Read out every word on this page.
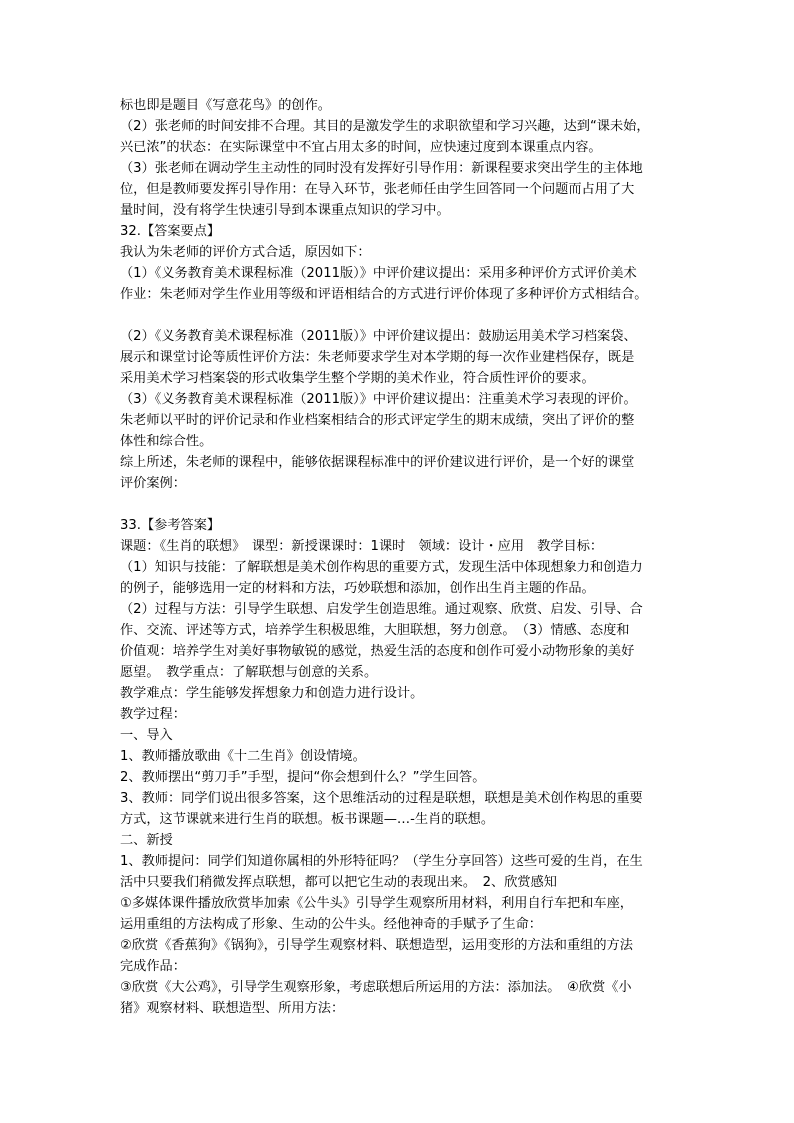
标也即是题目《写意花鸟》的创作。
（2）张老师的时间安排不合理。其目的是激发学生的求职欲望和学习兴趣，达到“课未始，
兴已浓”的状态：在实际课堂中不宜占用太多的时间，应快速过度到本课重点内容。
（3）张老师在调动学生主动性的同时没有发挥好引导作用：新课程要求突出学生的主体地
位，但是教师要发挥引导作用：在导入环节，张老师任由学生回答同一个问题而占用了大
量时间，没有将学生快速引导到本课重点知识的学习中。
32.【答案要点】
我认为朱老师的评价方式合适，原因如下：
（1）《义务教育美术课程标准（2011版）》中评价建议提出：采用多种评价方式评价美术
作业：朱老师对学生作业用等级和评语相结合的方式进行评价体现了多种评价方式相结合。
（2）《义务教育美术课程标准（2011版）》中评价建议提出：鼓励运用美术学习档案袋、
展示和课堂讨论等质性评价方法：朱老师要求学生对本学期的每一次作业建档保存，既是
采用美术学习档案袋的形式收集学生整个学期的美术作业，符合质性评价的要求。
（3）《义务教育美术课程标准（2011版）》中评价建议提出：注重美术学习表现的评价。
朱老师以平时的评价记录和作业档案相结合的形式评定学生的期末成绩，突出了评价的整
体性和综合性。
综上所述，朱老师的课程中，能够依据课程标准中的评价建议进行评价，是一个好的课堂
评价案例：
33.【参考答案】
课题：《生肖的联想》　课型：新授课课时：1课时　领域：设计・应用　教学目标：
（1）知识与技能：了解联想是美术创作构思的重要方式，发现生活中体现想象力和创造力
的例子，能够选用一定的材料和方法，巧妙联想和添加，创作出生肖主题的作品。
（2）过程与方法：引导学生联想、启发学生创造思维。通过观察、欣赏、启发、引导、合
作、交流、评述等方式，培养学生积极思维，大胆联想，努力创意。　（3）情感、态度和
价值观：培养学生对美好事物敏锐的感觉，热爱生活的态度和创作可爱小动物形象的美好
愿望。　教学重点：了解联想与创意的关系。
教学难点：学生能够发挥想象力和创造力进行设计。
教学过程：
一、导入
1、教师播放歌曲《十二生肖》创设情境。
2、教师摆出“剪刀手”手型，提问“你会想到什么？”学生回答。
3、教师：同学们说出很多答案，这个思维活动的过程是联想，联想是美术创作构思的重要
方式，这节课就来进行生肖的联想。板书课题—…-生肖的联想。
二、新授
1、教师提问：同学们知道你属相的外形特征吗？（学生分享回答）这些可爱的生肖，在生
活中只要我们稍微发挥点联想，都可以把它生动的表现出来。　2、欣赏感知
①多媒体课件播放欣赏毕加索《公牛头》引导学生观察所用材料，利用自行车把和车座，
运用重组的方法构成了形象、生动的公牛头。经他神奇的手赋予了生命：
②欣赏《香蕉狗》《锅狗》，引导学生观察材料、联想造型，运用变形的方法和重组的方法
完成作品：
③欣赏《大公鸡》，引导学生观察形象，考虑联想后所运用的方法：添加法。　④欣赏《小
猪》观察材料、联想造型、所用方法：
